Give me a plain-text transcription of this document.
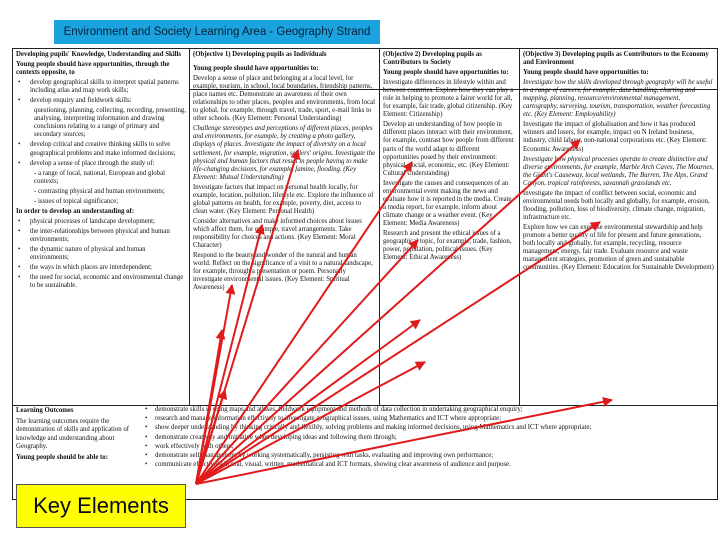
Environment and Society Learning Area - Geography Strand

Developing pupils' Knowledge, Understanding and Skills

Young people should have opportunities, through the contexts opposite, to

• develop geographical skills to interpret spatial patterns including atlas and map work skills;
• develop enquiry and fieldwork skills:

questioning, planning, collecting, recording, presenting, analysing, interpreting information and drawing conclusions relating to a range of primary and secondary sources;

• develop critical and creative thinking skills to solve geographical problems and make informed decisions;
• develop a sense of place through the study of:

- a range of local, national, European and global contexts;

- contrasting physical and human environments;

- issues of topical significance;

In order to develop an understanding of:

• physical processes of landscape development;
• the inter-relationships between physical and human environments;
• the dynamic nature of physical and human environments;
• the ways in which places are interdependent;
• the need for social, economic and environmental change to be sustainable.

(Objective 1) Developing pupils as Individuals

Young people should have opportunities to:

Develop a sense of place and belonging at a local level, for example, tourism, in school, local boundaries, friendship patterns, place names etc. Demonstrate an awareness of their own relationships to other places, peoples and environments, from local to global, for example, through travel, trade, sport, e-mail links to other schools. (Key Element: Personal Understanding)

Challenge stereotypes and perceptions of different places, peoples and environments, for example, by creating a photo gallery, displays of places. Investigate the impact of diversity on a local settlement, for example, migration, settlers' origins. Investigate the physical and human factors that result in people having to make life-changing decisions, for example, famine, flooding. (Key Element: Mutual Understanding)

Investigate factors that impact on personal health locally, for example, location, pollution, lifestyle etc. Explore the influence of global patterns on health, for example, poverty, diet, access to clean water. (Key Element: Personal Health)

Consider alternatives and make informed choices about issues which affect them, for example, travel arrangements. Take responsibility for choices and actions. (Key Element: Moral Character)

Respond to the beauty and wonder of the natural and human world. Reflect on the significance of a visit to a natural landscape, for example, through a presentation or poem. Personally investigate environmental issues. (Key Element: Spiritual Awareness)

(Objective 2) Developing pupils as Contributors to Society

Young people should have opportunities to:

Investigate differences in lifestyle within and between countries. Explore how they can play a role in helping to promote a fairer world for all, for example, fair trade, global citizenship. (Key Element: Citizenship)

Develop an understanding of how people in different places interact with their environment, for example, contrast how people from different parts of the world adapt to different opportunities posed by their environment: physical, social, economic, etc. (Key Element: Cultural Understanding)

Investigate the causes and consequences of an environmental event making the news and evaluate how it is reported in the media. Create a media report, for example, inform about climate change or a weather event. (Key Element: Media Awareness)

Research and present the ethical issues of a geographical topic, for example, trade, fashion, power, population, political issues. (Key Element: Ethical Awareness)

(Objective 3) Developing pupils as Contributors to the Economy and Environment

Young people should have opportunities to:

Investigate how the skills developed through geography will be useful to a range of careers, for example, data handling, charting and mapping, planning, resource/environmental management, cartography, surveying, tourism, transportation, weather forecasting etc. (Key Element: Employability)

Investigate the impact of globalisation and how it has produced winners and losers, for example, impact on N Ireland business, industry, child labour, non-national corporations etc. (Key Element: Economic Awareness)

Investigate how physical processes operate to create distinctive and diverse environments, for example, Marble Arch Caves, The Mournes, the Giant's Causeway, local wetlands, The Burren, The Alps, Grand Canyon, tropical rainforests, savannah grasslands etc.

Investigate the impact of conflict between social, economic and environmental needs both locally and globally, for example, erosion, flooding, pollution, loss of biodiversity, climate change, migration, infrastructure etc.

Explore how we can exercise environmental stewardship and help promote a better quality of life for present and future generations, both locally and globally, for example, recycling, resource management, energy, fair trade. Evaluate resource and waste management strategies, promotion of green and sustainable communities. (Key Element: Education for Sustainable Development)

Learning Outcomes

The learning outcomes require the demonstration of skills and application of knowledge and understanding about Geography.

Young people should be able to:

• demonstrate skills in using maps and atlases, fieldwork equipment and methods of data collection in undertaking geographical enquiry;
• research and manage information effectively to investigate geographical issues, using Mathematics and ICT where appropriate;
• show deeper understanding by thinking critically and flexibly, solving problems and making informed decisions, using Mathematics and ICT where appropriate;
• demonstrate creativity and initiative when developing ideas and following them through;
• work effectively with others;
• demonstrate self-management by working systematically, persisting with tasks, evaluating and improving own performance;
• communicate effectively in oral, visual, written, mathematical and ICT formats, showing clear awareness of audience and purpose.
Key Elements
